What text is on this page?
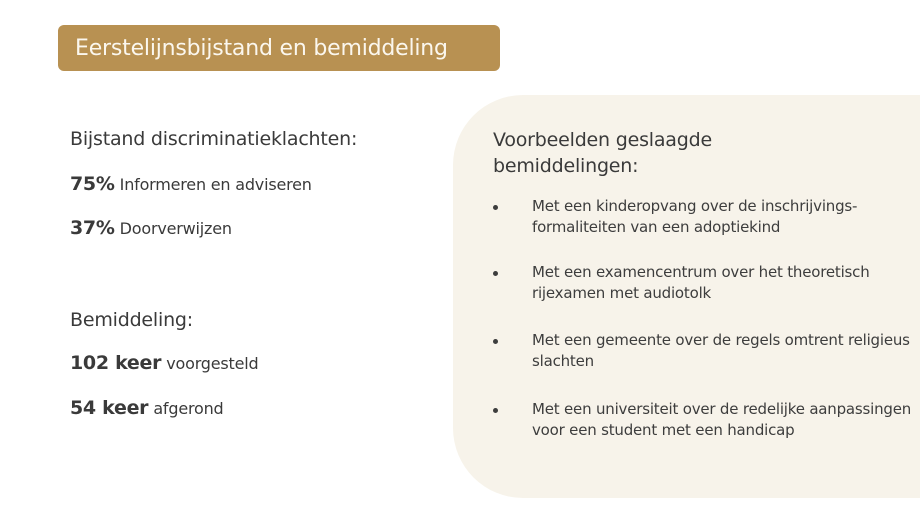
Eerstelijnsbijstand en bemiddeling
Bijstand discriminatieklachten:
75% Informeren en adviseren
37% Doorverwijzen
Bemiddeling:
102 keer voorgesteld
54 keer afgerond
Voorbeelden geslaagde bemiddelingen:
Met een kinderopvang over de inschrijvings-formaliteiten van een adoptiekind
Met een examencentrum over het theoretisch rijexamen met audiotolk
Met een gemeente over de regels omtrent religieus slachten
Met een universiteit over de redelijke aanpassingen voor een student met een handicap
